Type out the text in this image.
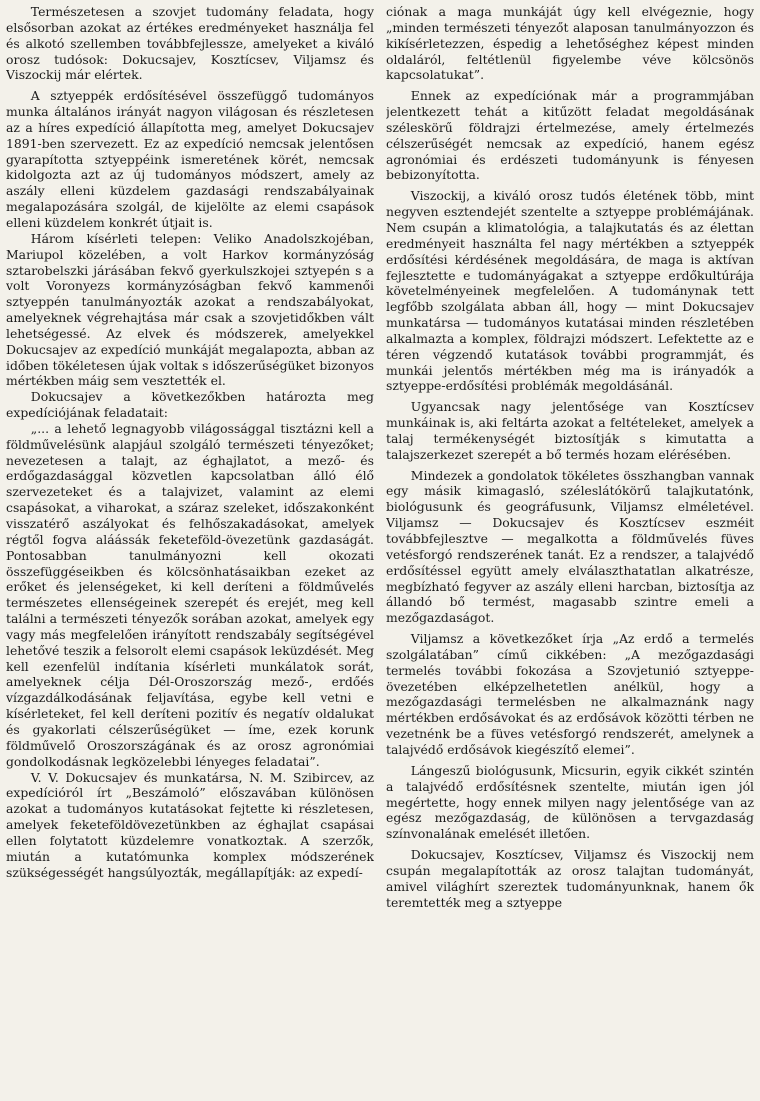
Természetesen a szovjet tudomány feladata, hogy elsősorban azokat az értékes eredményeket használja fel és alkotó szellemben továbbfejlessze, amelyeket a kiváló orosz tudósok: Dokucsajev, Kosztícsev, Viljamsz és Viszockij már elértek.

A sztyeppék erdősítésével összefüggő tudományos munka általános irányát nagyon világosan és részletesen az a híres expedíció állapította meg, amelyet Dokucsajev 1891-ben szervezett. Ez az expedíció nemcsak jelentősen gyarapította sztyeppéink ismeretének körét, nemcsak kidolgozta azt az új tudományos módszert, amely az aszály elleni küzdelem gazdasági rendszabályainak megalapozására szolgál, de kijelölte az elemi csapások elleni küzdelem konkrét útjait is.

Három kísérleti telepen: Veliko Anadolszkojéban, Mariupol közelében, a volt Harkov kormányzóság sztarobelszki járásában fekvő gyerkulszkojei sztyepén s a volt Voronyezs kormányzóságban fekvő kammenői sztyeppén tanulmányozták azokat a rendszabályokat, amelyeknek végrehajtása már csak a szovjetidőkben vált lehetségessé. Az elvek és módszerek, amelyekkel Dokucsajev az expedíció munkáját megalapozta, abban az időben tökéletesen újak voltak s időszerűségüket bizonyos mértékben máig sem vesztették el.

Dokucsajev a következőkben határozta meg expedíciójának feladatait:

„... a lehető legnagyobb világossággal tisztázni kell a földművelésünk alapjául szolgáló természeti tényezőket; nevezetesen a talajt, az éghajlatot, a mező- és erdőgazdasággal közvetlen kapcsolatban álló élő szervezeteket és a talajvizet, valamint az elemi csapásokat, a viharokat, a száraz szeleket, időszakonként visszatérő aszályokat és felhőszakadásokat, amelyek régtől fogva aláássák feketeföld-övezetünk gazdaságát. Pontosabban tanulmányozni kell okozati összefüggéseikben és kölcsönhatásaikban ezeket az erőket és jelenségeket, ki kell deríteni a földművelés természetes ellenségeinek szerepét és erejét, meg kell találni a természeti tényezők sorában azokat, amelyek egy vagy más megfelelően irányított rendszabály segítségével lehetővé teszik a felsorolt elemi csapások leküzdését. Meg kell ezenfelül indítania kísérleti munkálatok sorát, amelyeknek célja Dél-Oroszország mező-, erdőés vízgazdálkodásának feljavítása, egybe kell vetni e kísérleteket, fel kell deríteni pozitív és negatív oldalukat és gyakorlati célszerűségüket — íme, ezek korunk földművelő Oroszországának és az orosz agronómiai gondolkodásnak legközelebbi lényeges feladatai”.

V. V. Dokucsajev és munkatársa, N. M. Szibircev, az expedícióról írt „Beszámoló” előszavában különösen azokat a tudományos kutatásokat fejtette ki részletesen, amelyek feketeföldövezetünkben az éghajlat csapásai ellen folytatott küzdelemre vonatkoztak. A szerzők, miután a kutatómunka komplex módszerének szükségességét hangsúlyozták, megállapítják: az expedí-

ciónak a maga munkáját úgy kell elvégeznie, hogy „minden természeti tényezőt alaposan tanulmányozzon és kikísérletezzen, éspedig a lehetőséghez képest minden oldaláról, feltétlenül figyelembe véve kölcsönös kapcsolatukat”.

Ennek az expedíciónak már a programmjában jelentkezett tehát a kitűzött feladat megoldásának széleskörű földrajzi értelmezése, amely értelmezés célszerűségét nemcsak az expedíció, hanem egész agronómiai és erdészeti tudományunk is fényesen bebizonyította.

Viszockij, a kiváló orosz tudós életének több, mint negyven esztendejét szentelte a sztyeppe problémájának. Nem csupán a klimatológia, a talajkutatás és az élettan eredményeit használta fel nagy mértékben a sztyeppék erdősítési kérdésének megoldására, de maga is aktívan fejlesztette e tudományágakat a sztyeppe erdőkultúrája követelményeinek megfelelően. A tudománynak tett legfőbb szolgálata abban áll, hogy — mint Dokucsajev munkatársa — tudományos kutatásai minden részletében alkalmazta a komplex, földrajzi módszert. Lefektette az e téren végzendő kutatások további programmját, és munkái jelentős mértékben még ma is irányadók a sztyeppe-erdősítési problémák megoldásánál.

Ugyancsak nagy jelentősége van Kosztícsev munkáinak is, aki feltárta azokat a feltételeket, amelyek a talaj termékenységét biztosítják s kimutatta a talajszerkezet szerepét a bő termés hozam elérésében.

Mindezek a gondolatok tökéletes összhangban vannak egy másik kimagasló, széleslátókörű talajkutatónk, biológusunk és geográfusunk, Viljamsz elméletével. Viljamsz — Dokucsajev és Kosztícsev eszméit továbbfejlesztve — megalkotta a földművelés füves vetésforgó rendszerének tanát. Ez a rendszer, a talajvédő erdősítéssel együtt amely elválaszthatatlan alkatrésze, megbízható fegyver az aszály elleni harcban, biztosítja az állandó bő termést, magasabb szintre emeli a mezőgazdaságot.

Viljamsz a következőket írja „Az erdő a termelés szolgálatában” című cikkében: „A mezőgazdasági termelés további fokozása a Szovjetunió sztyeppe-övezetében elképzelhetetlen anélkül, hogy a mezőgazdasági termelésben ne alkalmaznánk nagy mértékben erdősávokat és az erdősávok közötti térben ne vezetnénk be a füves vetésforgó rendszerét, amelynek a talajvédő erdősávok kiegészítő elemei”.

Lángeszű biológusunk, Micsurin, egyik cikkét szintén a talajvédő erdősítésnek szentelte, miután igen jól megértette, hogy ennek milyen nagy jelentősége van az egész mezőgazdaság, de különösen a tervgazdaság színvonalának emelését illetően.

Dokucsajev, Kosztícsev, Viljamsz és Viszockij nem csupán megalapították az orosz talajtan tudományát, amivel világhírt szereztek tudományunknak, hanem ők teremtették meg a sztyeppe
